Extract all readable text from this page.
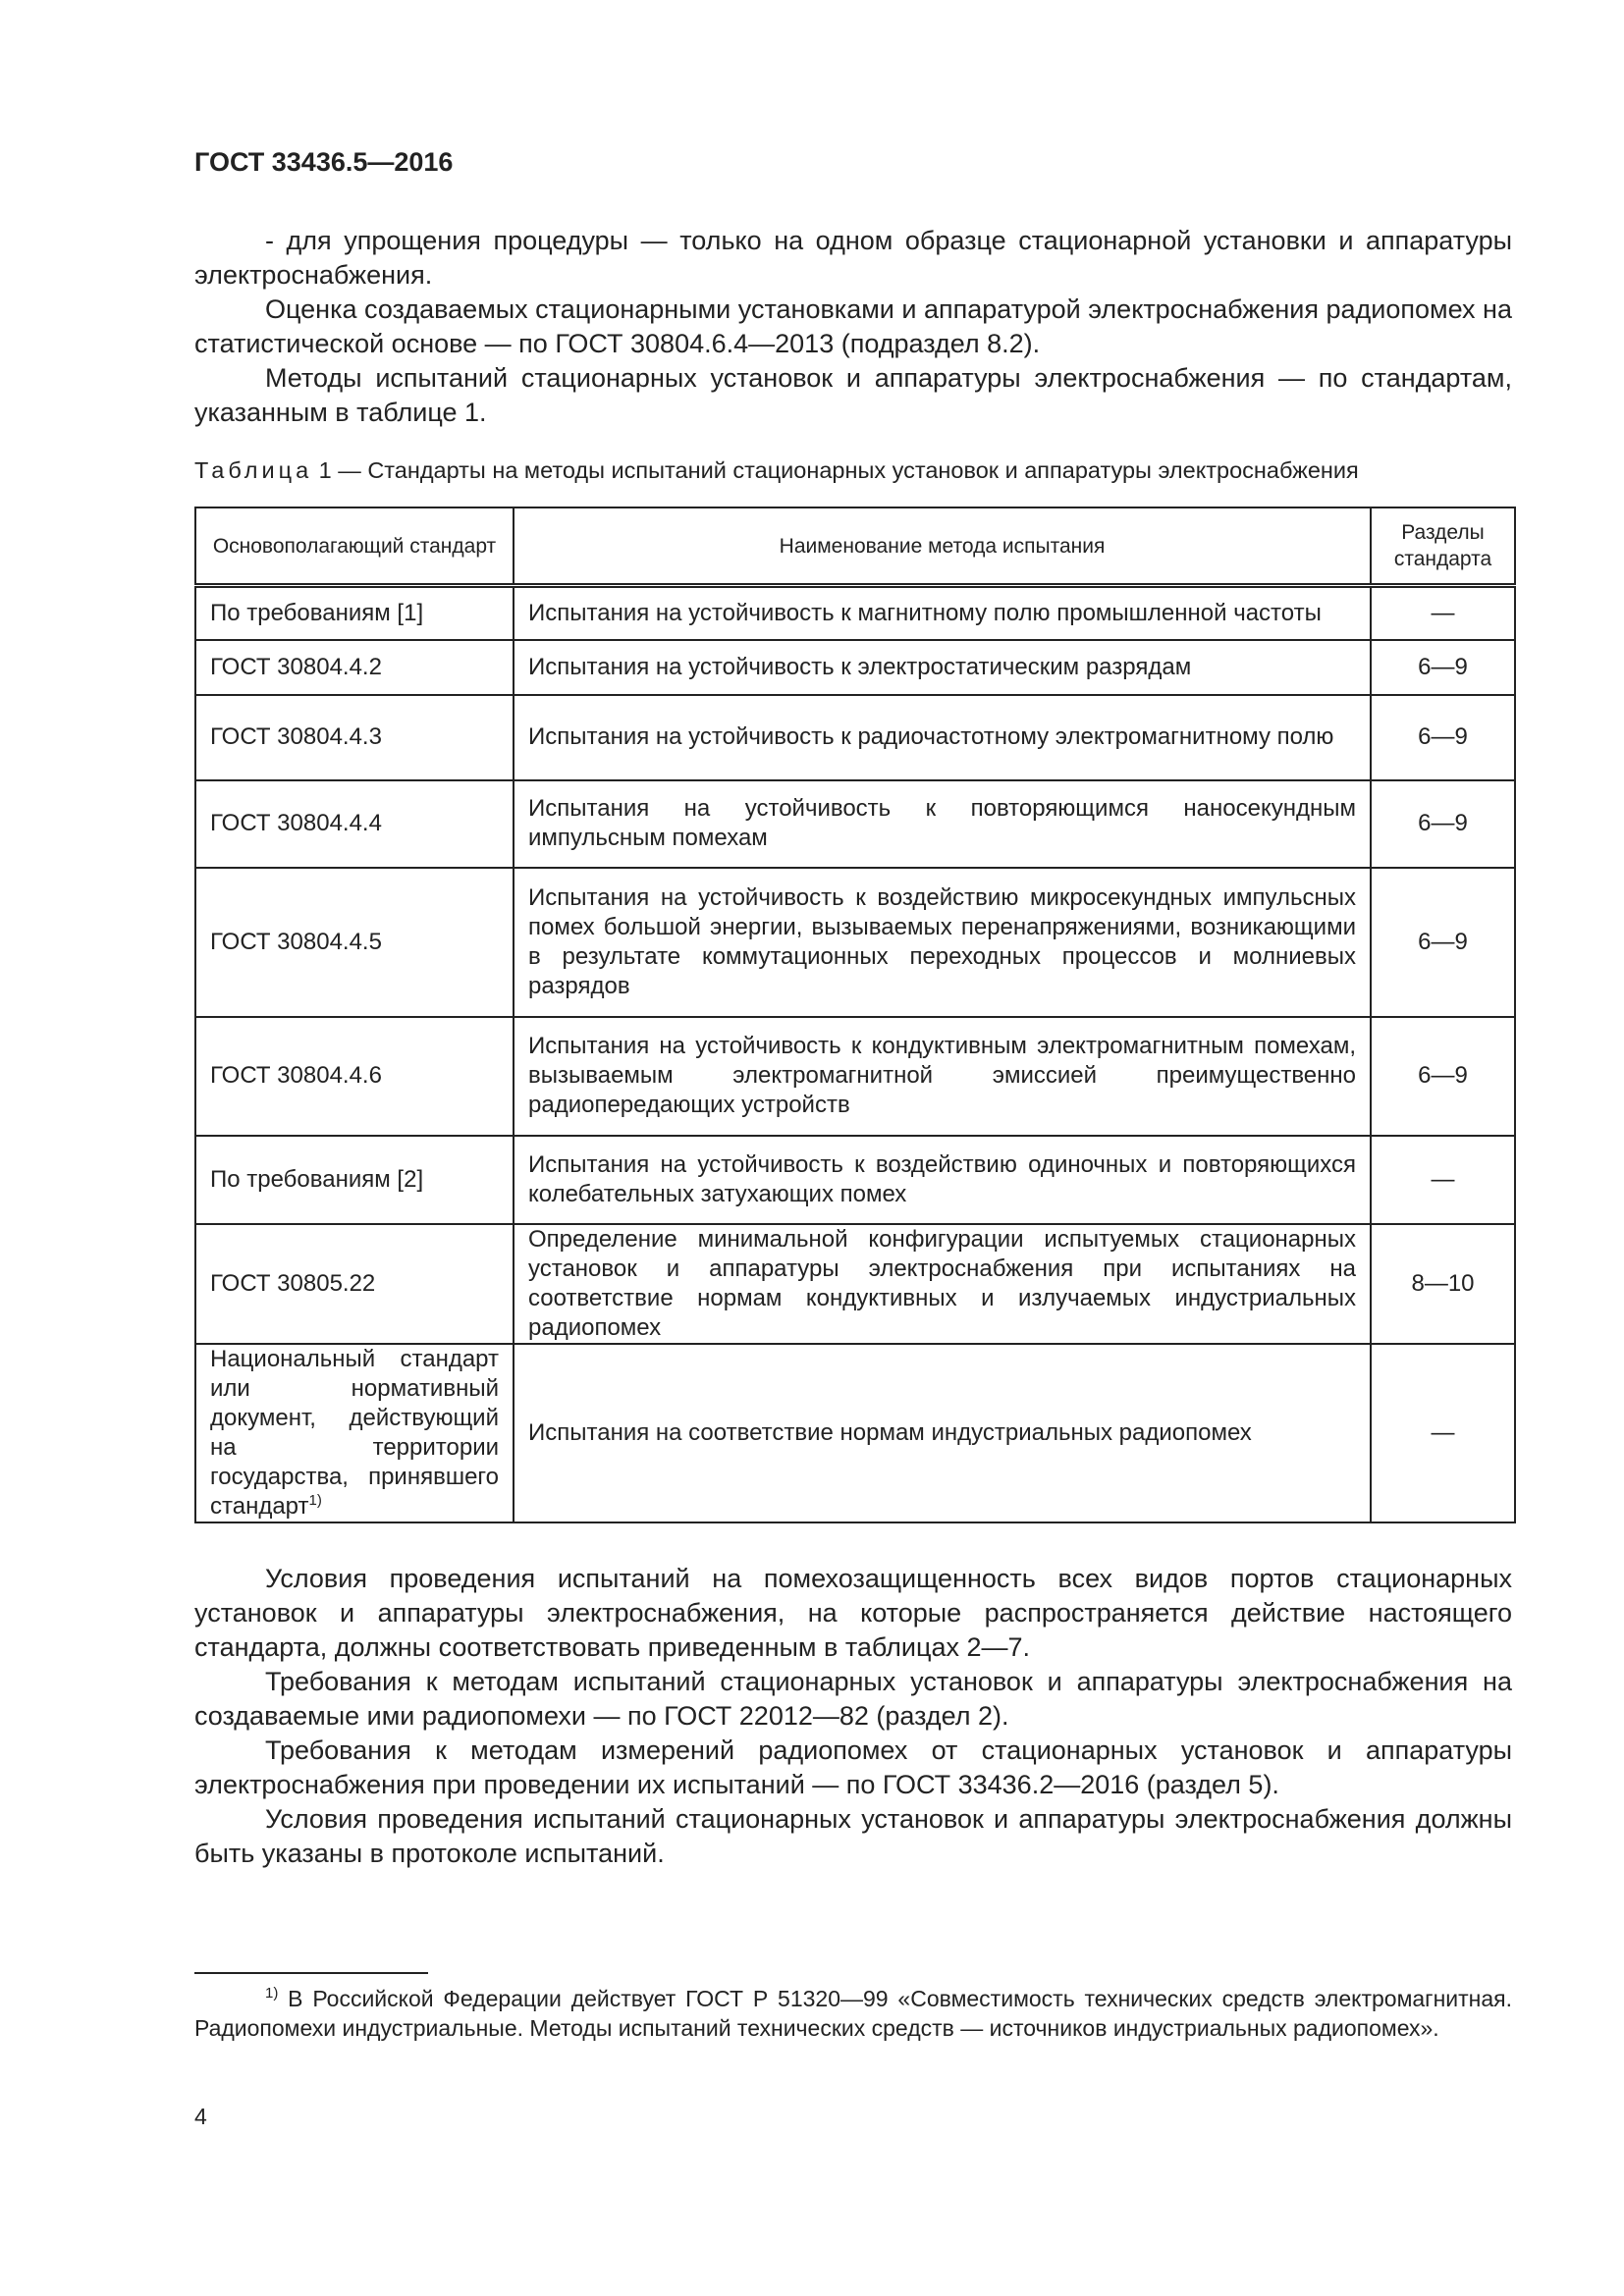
ГОСТ 33436.5—2016

- для упрощения процедуры — только на одном образце стационарной установки и аппаратуры электроснабжения.

Оценка создаваемых стационарными установками и аппаратурой электроснабжения радиопомех на статистической основе — по ГОСТ 30804.6.4—2013 (подраздел 8.2).

Методы испытаний стационарных установок и аппаратуры электроснабжения — по стандартам, указанным в таблице 1.

Таблица 1 — Стандарты на методы испытаний стационарных установок и аппаратуры электроснабжения
Основополагающий стандарт	Наименование метода испытания	Разделы стандарта
По требованиям [1]	Испытания на устойчивость к магнитному полю промышленной частоты	—
ГОСТ 30804.4.2	Испытания на устойчивость к электростатическим разрядам	6—9
ГОСТ 30804.4.3	Испытания на устойчивость к радиочастотному электромагнитному полю	6—9
ГОСТ 30804.4.4	Испытания на устойчивость к повторяющимся наносекундным импульсным помехам	6—9
ГОСТ 30804.4.5	Испытания на устойчивость к воздействию микросекундных импульсных помех большой энергии, вызываемых перенапряжениями, возникающими в результате коммутационных переходных процессов и молниевых разрядов	6—9
ГОСТ 30804.4.6	Испытания на устойчивость к кондуктивным электромагнитным помехам, вызываемым электромагнитной эмиссией преимущественно радиопередающих устройств	6—9
По требованиям [2]	Испытания на устойчивость к воздействию одиночных и повторяющихся колебательных затухающих помех	—
ГОСТ 30805.22	Определение минимальной конфигурации испытуемых стационарных установок и аппаратуры электроснабжения при испытаниях на соответствие нормам кондуктивных и излучаемых индустриальных радиопомех	8—10
Национальный стандарт или нормативный документ, действующий на территории государства, принявшего стандарт$^{1)}$	Испытания на соответствие нормам индустриальных радиопомех	—

Условия проведения испытаний на помехозащищенность всех видов портов стационарных установок и аппаратуры электроснабжения, на которые распространяется действие настоящего стандарта, должны соответствовать приведенным в таблицах 2—7.

Требования к методам испытаний стационарных установок и аппаратуры электроснабжения на создаваемые ими радиопомехи — по ГОСТ 22012—82 (раздел 2).

Требования к методам измерений радиопомех от стационарных установок и аппаратуры электроснабжения при проведении их испытаний — по ГОСТ 33436.2—2016 (раздел 5).

Условия проведения испытаний стационарных установок и аппаратуры электроснабжения должны быть указаны в протоколе испытаний.

$^{1)}$ В Российской Федерации действует ГОСТ Р 51320—99 «Совместимость технических средств электромагнитная. Радиопомехи индустриальные. Методы испытаний технических средств — источников индустриальных радиопомех».
4
